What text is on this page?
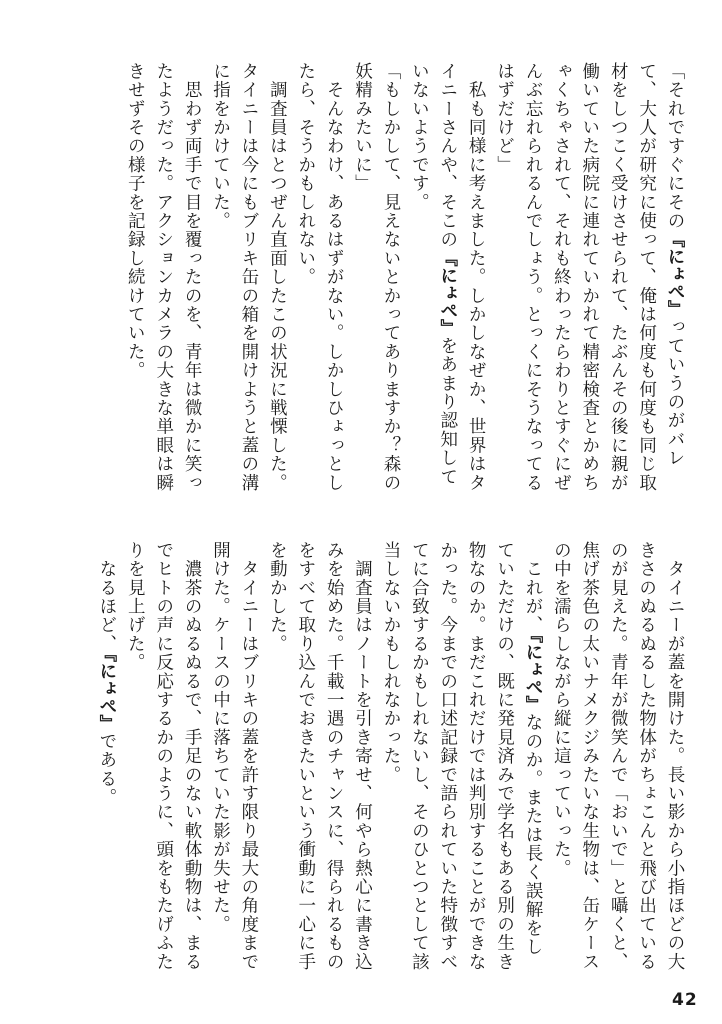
「それですぐにその『にょぺ』っていうのがバレて、大人が研究に使って、俺は何度も何度も同じ取材をしつこく受けさせられて、たぶんその後に親が働いていた病院に連れていかれて精密検査とかめちゃくちゃされて、それも終わったらわりとすぐにぜんぶ忘れられるんでしょう。とっくにそうなってるはずだけど」

　私も同様に考えました。しかしなぜか、世界はタイニーさんや、そこの『にょぺ』をあまり認知していないようです。

「もしかして、見えないとかってありますか？森の妖精みたいに」

　そんなわけ、あるはずがない。しかしひょっとしたら、そうかもしれない。

　調査員はとつぜん直面したこの状況に戦慄した。タイニーは今にもブリキ缶の箱を開けようと蓋の溝に指をかけていた。

　思わず両手で目を覆ったのを、青年は微かに笑ったようだった。アクションカメラの大きな単眼は瞬きせずその様子を記録し続けていた。

　タイニーが蓋を開けた。長い影から小指ほどの大きさのぬるぬるした物体がちょこんと飛び出ているのが見えた。青年が微笑んで「おいで」と囁くと、焦げ茶色の太いナメクジみたいな生物は、缶ケースの中を濡らしながら縦に這っていった。

　これが、『にょぺ』なのか。または長く誤解をしていただけの、既に発見済みで学名もある別の生き物なのか。まだこれだけでは判別することができなかった。今までの口述記録で語られていた特徴すべてに合致するかもしれないし、そのひとつとして該当しないかもしれなかった。

　調査員はノートを引き寄せ、何やら熱心に書き込みを始めた。千載一遇のチャンスに、得られるものをすべて取り込んでおきたいという衝動に一心に手を動かした。

　タイニーはブリキの蓋を許す限り最大の角度まで開けた。ケースの中に落ちていた影が失せた。

　濃茶のぬるぬるで、手足のない軟体動物は、まるでヒトの声に反応するかのように、頭をもたげふたりを見上げた。

　なるほど、『にょぺ』である。

42
